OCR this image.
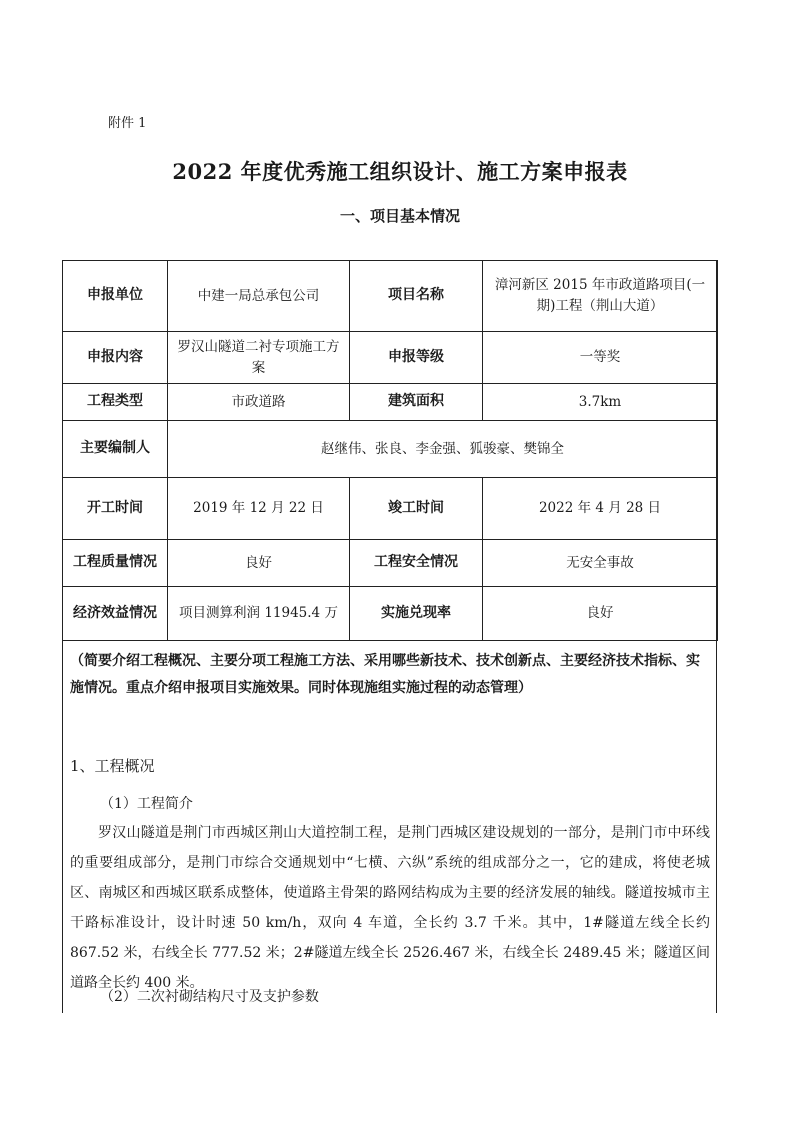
附件 1
2022 年度优秀施工组织设计、施工方案申报表
一、项目基本情况
申报单位	中建一局总承包公司	项目名称	漳河新区 2015 年市政道路项目(一期)工程（荆山大道）
申报内容	罗汉山隧道二衬专项施工方案	申报等级	一等奖
工程类型	市政道路	建筑面积	3.7km
主要编制人	赵继伟、张良、李金强、狐骏豪、樊锦全		
开工时间	2019 年 12 月 22 日	竣工时间	2022 年 4 月 28 日
工程质量情况	良好	工程安全情况	无安全事故
经济效益情况	项目测算利润 11945.4 万	实施兑现率	良好
（简要介绍工程概况、主要分项工程施工方法、采用哪些新技术、技术创新点、主要经济技术指标、实施情况。重点介绍申报项目实施效果。同时体现施组实施过程的动态管理）
1、工程概况
（1）工程简介
罗汉山隧道是荆门市西城区荆山大道控制工程，是荆门西城区建设规划的一部分，是荆门市中环线的重要组成部分，是荆门市综合交通规划中“七横、六纵”系统的组成部分之一，它的建成，将使老城区、南城区和西城区联系成整体，使道路主骨架的路网结构成为主要的经济发展的轴线。隧道按城市主干路标准设计，设计时速 50 km/h，双向 4 车道，全长约 3.7 千米。其中，1#隧道左线全长约 867.52 米，右线全长 777.52 米；2#隧道左线全长 2526.467 米，右线全长 2489.45 米；隧道区间道路全长约 400 米。
（2）二次衬砌结构尺寸及支护参数
